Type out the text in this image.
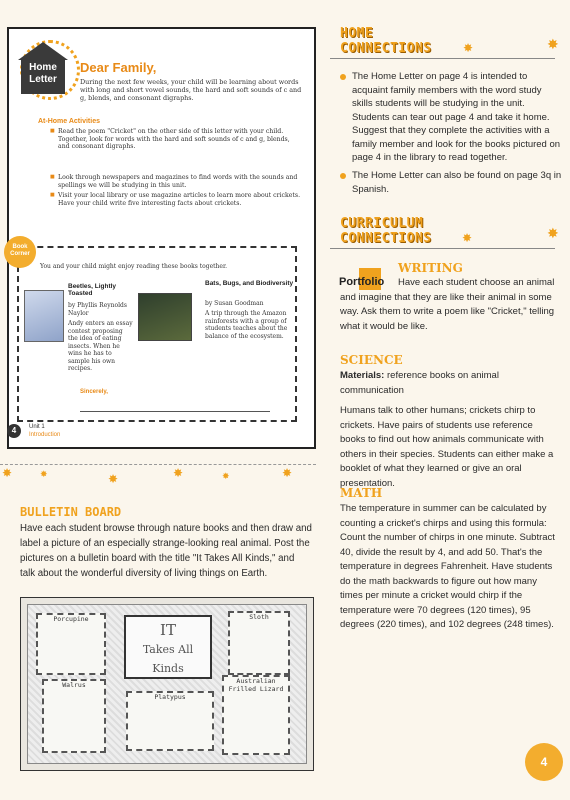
Home
Letter
Dear Family,
During the next few weeks, your child will be learning about words with long and short vowel sounds, the hard and soft sounds of c and g, blends, and consonant digraphs.
At-Home Activities
■ Read the poem "Cricket" on the other side of this letter with your child. Together, look for words with the hard and soft sounds of c and g, blends, and consonant digraphs.
■ Look through newspapers and magazines to find words with the sounds and spellings we will be studying in this unit.
■ Visit your local library or use magazine articles to learn more about crickets. Have your child write five interesting facts about crickets.
Book Corner
You and your child might enjoy reading these books together.
Beetles, Lightly Toasted
by Phyllis Reynolds Naylor
Andy enters an essay contest proposing the idea of eating insects. When he wins he has to sample his own recipes.
Bats, Bugs, and Biodiversity
by Susan Goodman
A trip through the Amazon rainforests with a group of students teaches about the balance of the ecosystem.
Sincerely,
4	Unit 1
Introduction
✸	✸	✸	✸	✸	✸
BULLETIN BOARD
Have each student browse through nature books and then draw and label a picture of an especially strange-looking real animal. Post the pictures on a bulletin board with the title "It Takes All Kinds," and talk about the wonderful diversity of living things on Earth.
Porcupine
Walrus
Platypus
IT
Takes All
Kinds
Sloth
Australian Frilled Lizard
HOME
CONNECTIONS	✸	✸
The Home Letter on page 4 is intended to acquaint family members with the word study skills students will be studying in the unit. Students can tear out page 4 and take it home. Suggest that they complete the activities with a family member and look for the books pictured on page 4 in the library to read together.
The Home Letter can also be found on page 3q in Spanish.
CURRICULUM
CONNECTIONS	✸	✸
Portfolio
WRITING
Have each student choose an animal and imagine that they are like their animal in some way. Ask them to write a poem like "Cricket," telling what it would be like.
SCIENCE
Materials: reference books on animal communication
Humans talk to other humans; crickets chirp to crickets. Have pairs of students use reference books to find out how animals communicate with others in their species. Students can either make a booklet of what they learned or give an oral presentation.
MATH
The temperature in summer can be calculated by counting a cricket's chirps and using this formula: Count the number of chirps in one minute. Subtract 40, divide the result by 4, and add 50. That's the temperature in degrees Fahrenheit. Have students do the math backwards to figure out how many times per minute a cricket would chirp if the temperature were 70 degrees (120 times), 95 degrees (220 times), and 102 degrees (248 times).
4
